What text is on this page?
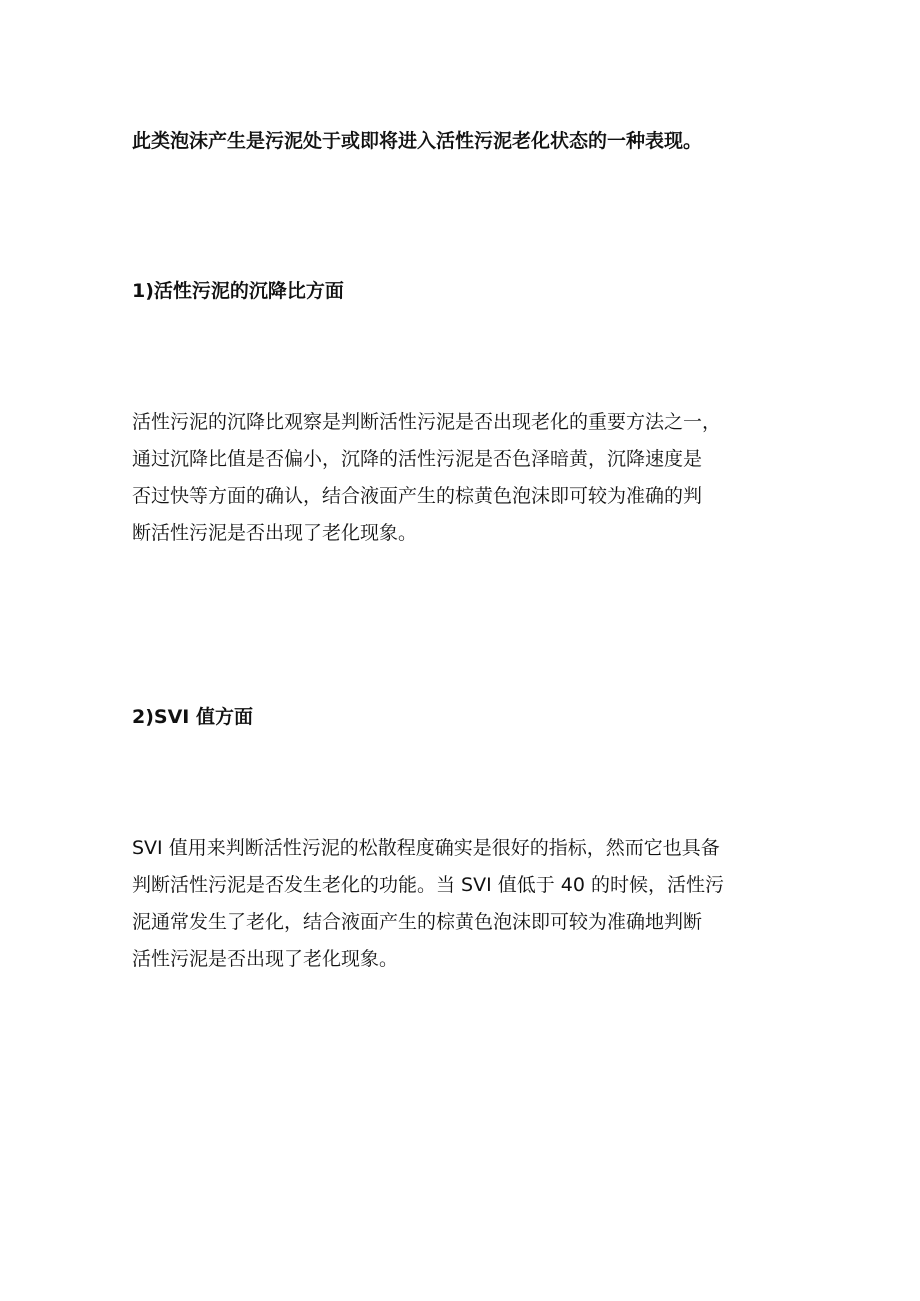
此类泡沫产生是污泥处于或即将进入活性污泥老化状态的一种表现。

1)活性污泥的沉降比方面

活性污泥的沉降比观察是判断活性污泥是否出现老化的重要方法之一，
通过沉降比值是否偏小，沉降的活性污泥是否色泽暗黄，沉降速度是
否过快等方面的确认，结合液面产生的棕黄色泡沫即可较为准确的判
断活性污泥是否出现了老化现象。

2)SVI 值方面

SVI 值用来判断活性污泥的松散程度确实是很好的指标，然而它也具备
判断活性污泥是否发生老化的功能。当 SVI 值低于 40 的时候，活性污
泥通常发生了老化，结合液面产生的棕黄色泡沫即可较为准确地判断
活性污泥是否出现了老化现象。
